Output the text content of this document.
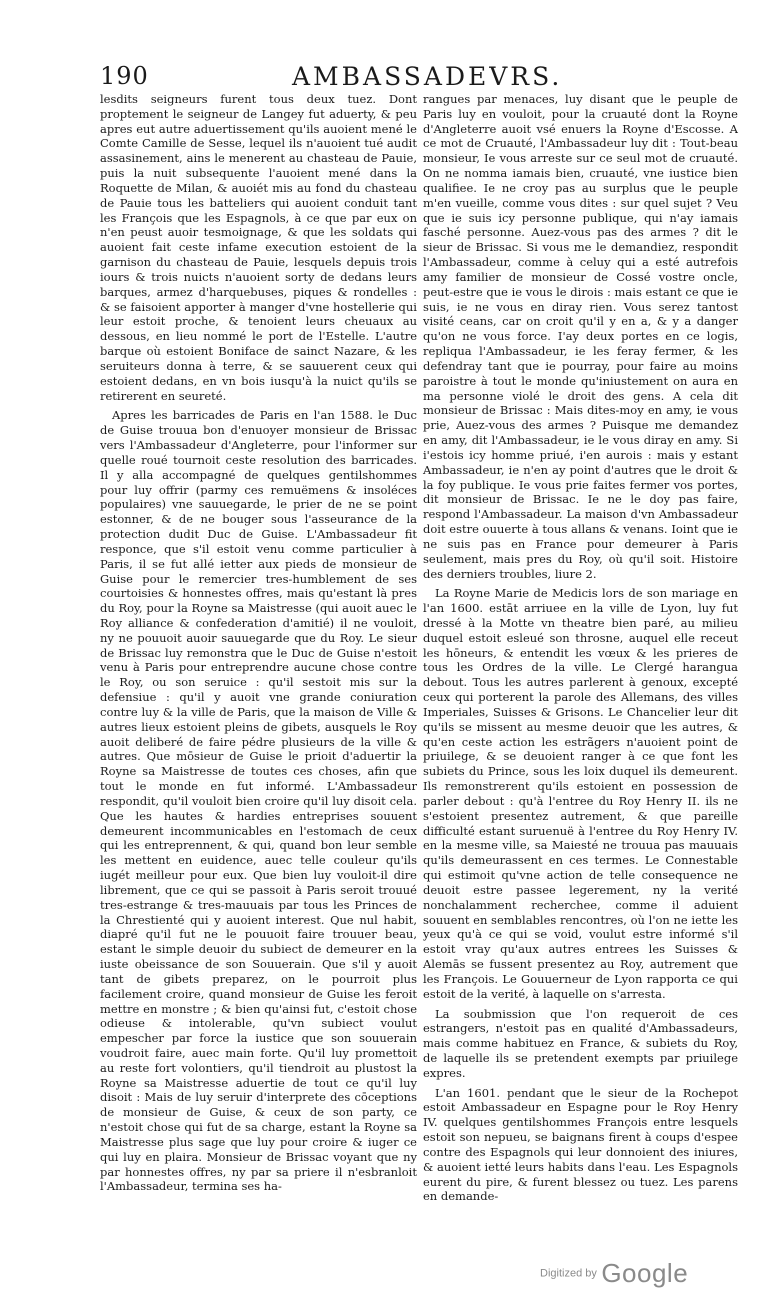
190	AMBASSADEVRS.

lesdits seigneurs furent tous deux tuez. Dont proptement le seigneur de Langey fut aduerty, & peu apres eut autre aduertissement qu'ils auoient mené le Comte Camille de Sesse, lequel ils n'auoient tué audit assasinement, ains le menerent au chasteau de Pauie, puis la nuit subsequente l'auoient mené dans la Roquette de Milan, & auoiét mis au fond du chasteau de Pauie tous les batteliers qui auoient conduit tant les François que les Espagnols, à ce que par eux on n'en peust auoir tesmoignage, & que les soldats qui auoient fait ceste infame execution estoient de la garnison du chasteau de Pauie, lesquels depuis trois iours & trois nuicts n'auoient sorty de dedans leurs barques, armez d'harquebuses, piques & rondelles : & se faisoient apporter à manger d'vne hostellerie qui leur estoit proche, & tenoient leurs cheuaux au dessous, en lieu nommé le port de l'Estelle. L'autre barque où estoient Boniface de sainct Nazare, & les seruiteurs donna à terre, & se sauuerent ceux qui estoient dedans, en vn bois iusqu'à la nuict qu'ils se retirerent en seureté.

Apres les barricades de Paris en l'an 1588. le Duc de Guise trouua bon d'enuoyer monsieur de Brissac vers l'Ambassadeur d'Angleterre, pour l'informer sur quelle roué tournoit ceste resolution des barricades. Il y alla accompagné de quelques gentilshommes pour luy offrir (parmy ces remuëmens & insoléces populaires) vne sauuegarde, le prier de ne se point estonner, & de ne bouger sous l'asseurance de la protection dudit Duc de Guise. L'Ambassadeur fit responce, que s'il estoit venu comme particulier à Paris, il se fut allé ietter aux pieds de monsieur de Guise pour le remercier tres-humblement de ses courtoisies & honnestes offres, mais qu'estant là pres du Roy, pour la Royne sa Maistresse (qui auoit auec le Roy alliance & confederation d'amitié) il ne vouloit, ny ne pouuoit auoir sauuegarde que du Roy. Le sieur de Brissac luy remonstra que le Duc de Guise n'estoit venu à Paris pour entreprendre aucune chose contre le Roy, ou son seruice : qu'il sestoit mis sur la defensiue : qu'il y auoit vne grande coniuration contre luy & la ville de Paris, que la maison de Ville & autres lieux estoient pleins de gibets, ausquels le Roy auoit deliberé de faire pédre plusieurs de la ville & autres. Que mōsieur de Guise le prioit d'aduertir la Royne sa Maistresse de toutes ces choses, afin que tout le monde en fut informé. L'Ambassadeur respondit, qu'il vouloit bien croire qu'il luy disoit cela. Que les hautes & hardies entreprises souuent demeurent incommunicables en l'estomach de ceux qui les entreprennent, & qui, quand bon leur semble les mettent en euidence, auec telle couleur qu'ils iugét meilleur pour eux. Que bien luy vouloit-il dire librement, que ce qui se passoit à Paris seroit trouué tres-estrange & tres-mauuais par tous les Princes de la Chrestienté qui y auoient interest. Que nul habit, diapré qu'il fut ne le pouuoit faire trouuer beau, estant le simple deuoir du subiect de demeurer en la iuste obeissance de son Souuerain. Que s'il y auoit tant de gibets preparez, on le pourroit plus facilement croire, quand monsieur de Guise les feroit mettre en monstre ; & bien qu'ainsi fut, c'estoit chose odieuse & intolerable, qu'vn subiect voulut empescher par force la iustice que son souuerain voudroit faire, auec main forte. Qu'il luy promettoit au reste fort volontiers, qu'il tiendroit au plustost la Royne sa Maistresse aduertie de tout ce qu'il luy disoit : Mais de luy seruir d'interprete des cōceptions de monsieur de Guise, & ceux de son party, ce n'estoit chose qui fut de sa charge, estant la Royne sa Maistresse plus sage que luy pour croire & iuger ce qui luy en plaira. Monsieur de Brissac voyant que ny par honnestes offres, ny par sa priere il n'esbranloit l'Ambassadeur, termina ses ha-

rangues par menaces, luy disant que le peuple de Paris luy en vouloit, pour la cruauté dont la Royne d'Angleterre auoit vsé enuers la Royne d'Escosse. A ce mot de Cruauté, l'Ambassadeur luy dit : Tout-beau monsieur, Ie vous arreste sur ce seul mot de cruauté. On ne nomma iamais bien, cruauté, vne iustice bien qualifiee. Ie ne croy pas au surplus que le peuple m'en vueille, comme vous dites : sur quel sujet ? Veu que ie suis icy personne publique, qui n'ay iamais fasché personne. Auez-vous pas des armes ? dit le sieur de Brissac. Si vous me le demandiez, respondit l'Ambassadeur, comme à celuy qui a esté autrefois amy familier de monsieur de Cossé vostre oncle, peut-estre que ie vous le dirois : mais estant ce que ie suis, ie ne vous en diray rien. Vous serez tantost visité ceans, car on croit qu'il y en a, & y a danger qu'on ne vous force. I'ay deux portes en ce logis, repliqua l'Ambassadeur, ie les feray fermer, & les defendray tant que ie pourray, pour faire au moins paroistre à tout le monde qu'iniustement on aura en ma personne violé le droit des gens. A cela dit monsieur de Brissac : Mais dites-moy en amy, ie vous prie, Auez-vous des armes ? Puisque me demandez en amy, dit l'Ambassadeur, ie le vous diray en amy. Si i'estois icy homme priué, i'en aurois : mais y estant Ambassadeur, ie n'en ay point d'autres que le droit & la foy publique. Ie vous prie faites fermer vos portes, dit monsieur de Brissac. Ie ne le doy pas faire, respond l'Ambassadeur. La maison d'vn Ambassadeur doit estre ouuerte à tous allans & venans. Ioint que ie ne suis pas en France pour demeurer à Paris seulement, mais pres du Roy, où qu'il soit. Histoire des derniers troubles, liure 2.

La Royne Marie de Medicis lors de son mariage en l'an 1600. estāt arriuee en la ville de Lyon, luy fut dressé à la Motte vn theatre bien paré, au milieu duquel estoit esleué son throsne, auquel elle receut les hōneurs, & entendit les vœux & les prieres de tous les Ordres de la ville. Le Clergé harangua debout. Tous les autres parlerent à genoux, excepté ceux qui porterent la parole des Allemans, des villes Imperiales, Suisses & Grisons. Le Chancelier leur dit qu'ils se missent au mesme deuoir que les autres, & qu'en ceste action les estrãgers n'auoient point de priuilege, & se deuoient ranger à ce que font les subiets du Prince, sous les loix duquel ils demeurent. Ils remonstrerent qu'ils estoient en possession de parler debout : qu'à l'entree du Roy Henry II. ils ne s'estoient presentez autrement, & que pareille difficulté estant suruenuë à l'entree du Roy Henry IV. en la mesme ville, sa Maiesté ne trouua pas mauuais qu'ils demeurassent en ces termes. Le Connestable qui estimoit qu'vne action de telle consequence ne deuoit estre passee legerement, ny la verité nonchalamment recherchee, comme il aduient souuent en semblables rencontres, où l'on ne iette les yeux qu'à ce qui se void, voulut estre informé s'il estoit vray qu'aux autres entrees les Suisses & Alemās se fussent presentez au Roy, autrement que les François. Le Gouuerneur de Lyon rapporta ce qui estoit de la verité, à laquelle on s'arresta.

La soubmission que l'on requeroit de ces estrangers, n'estoit pas en qualité d'Ambassadeurs, mais comme habituez en France, & subiets du Roy, de laquelle ils se pretendent exempts par priuilege expres.

L'an 1601. pendant que le sieur de la Rochepot estoit Ambassadeur en Espagne pour le Roy Henry IV. quelques gentilshommes François entre lesquels estoit son nepueu, se baignans firent à coups d'espee contre des Espagnols qui leur donnoient des iniures, & auoient ietté leurs habits dans l'eau. Les Espagnols eurent du pire, & furent blessez ou tuez. Les parens en demande-

Digitized by Google
